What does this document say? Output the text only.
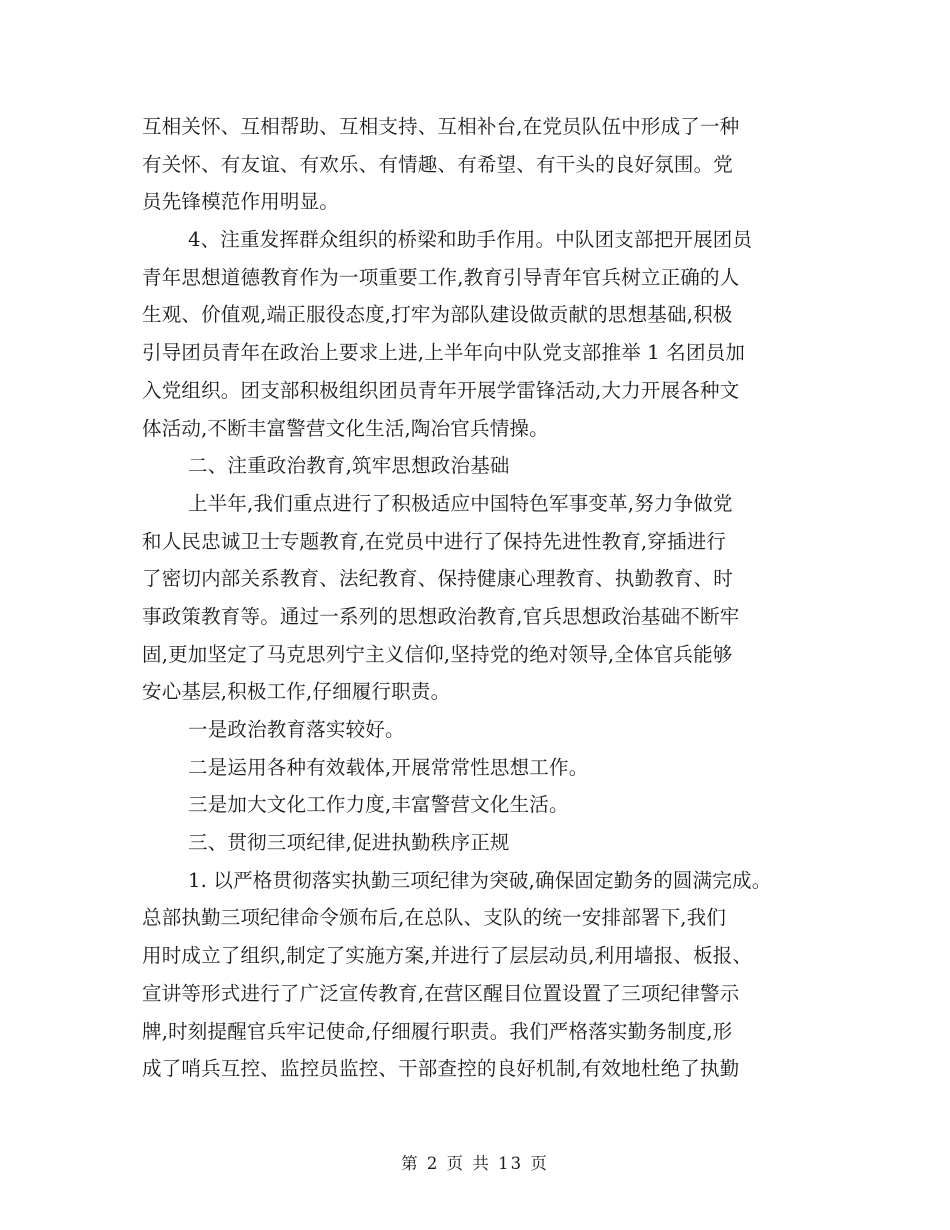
互相关怀、互相帮助、互相支持、互相补台,在党员队伍中形成了一种
有关怀、有友谊、有欢乐、有情趣、有希望、有干头的良好氛围。党
员先锋模范作用明显。
4、注重发挥群众组织的桥梁和助手作用。中队团支部把开展团员
青年思想道德教育作为一项重要工作,教育引导青年官兵树立正确的人
生观、价值观,端正服役态度,打牢为部队建设做贡献的思想基础,积极
引导团员青年在政治上要求上进,上半年向中队党支部推举 1 名团员加
入党组织。团支部积极组织团员青年开展学雷锋活动,大力开展各种文
体活动,不断丰富警营文化生活,陶冶官兵情操。
二、注重政治教育,筑牢思想政治基础
上半年,我们重点进行了积极适应中国特色军事变革,努力争做党
和人民忠诚卫士专题教育,在党员中进行了保持先进性教育,穿插进行
了密切内部关系教育、法纪教育、保持健康心理教育、执勤教育、时
事政策教育等。通过一系列的思想政治教育,官兵思想政治基础不断牢
固,更加坚定了马克思列宁主义信仰,坚持党的绝对领导,全体官兵能够
安心基层,积极工作,仔细履行职责。
一是政治教育落实较好。
二是运用各种有效载体,开展常常性思想工作。
三是加大文化工作力度,丰富警营文化生活。
三、贯彻三项纪律,促进执勤秩序正规
1. 以严格贯彻落实执勤三项纪律为突破,确保固定勤务的圆满完成。
总部执勤三项纪律命令颁布后,在总队、支队的统一安排部署下,我们
用时成立了组织,制定了实施方案,并进行了层层动员,利用墙报、板报、
宣讲等形式进行了广泛宣传教育,在营区醒目位置设置了三项纪律警示
牌,时刻提醒官兵牢记使命,仔细履行职责。我们严格落实勤务制度,形
成了哨兵互控、监控员监控、干部查控的良好机制,有效地杜绝了执勤
第 2 页 共 13 页
